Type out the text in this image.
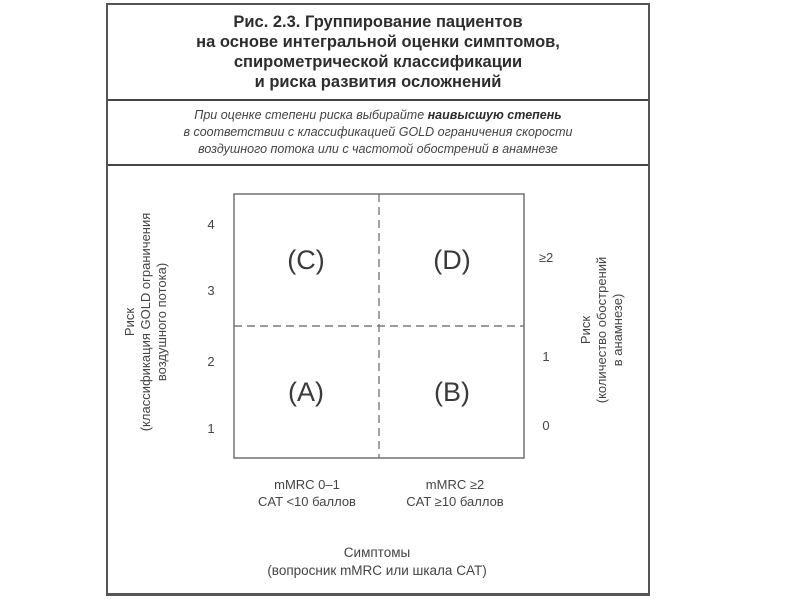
Рис. 2.3. Группирование пациентов
на основе интегральной оценки симптомов,
спирометрической классификации
и риска развития осложнений
При оценке степени риска выбирайте наивысшую степень
в соответствии с классификацией GOLD ограничения скорости
воздушного потока или с частотой обострений в анамнезе
(C)	(D)
(A)	(B)
4
3
2
1
≥2
1
0
Риск (классификация GOLD ограничения воздушного потока)	Риск (количество обострений в анамнезе)
mMRC 0–1
CAT <10 баллов
mMRC ≥2
CAT ≥10 баллов
Симптомы
(вопросник mMRC или шкала CAT)
